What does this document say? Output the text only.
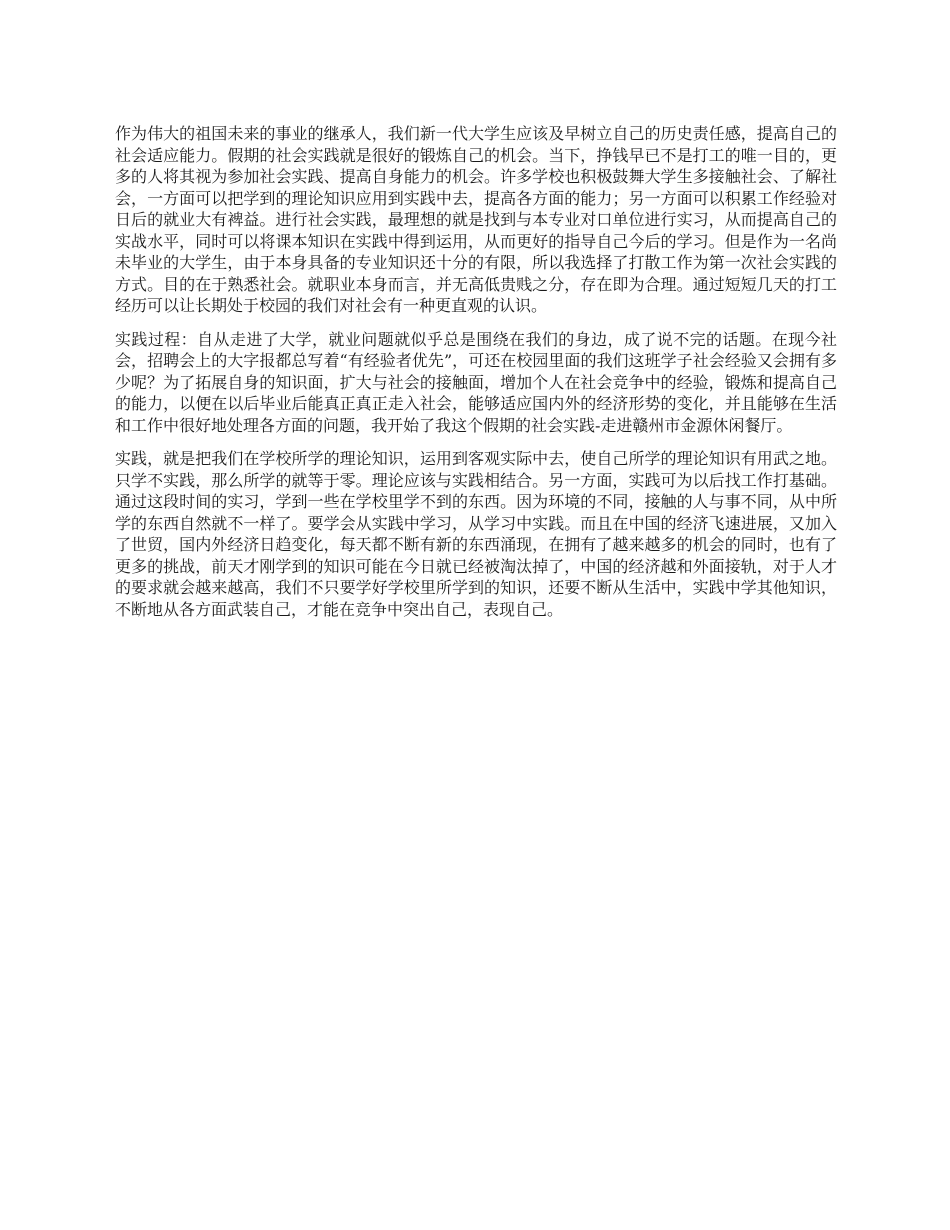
作为伟大的祖国未来的事业的继承人，我们新一代大学生应该及早树立自己的历史责任感，提高自己的社会适应能力。假期的社会实践就是很好的锻炼自己的机会。当下，挣钱早已不是打工的唯一目的，更多的人将其视为参加社会实践、提高自身能力的机会。许多学校也积极鼓舞大学生多接触社会、了解社会，一方面可以把学到的理论知识应用到实践中去，提高各方面的能力；另一方面可以积累工作经验对日后的就业大有裨益。进行社会实践，最理想的就是找到与本专业对口单位进行实习，从而提高自己的实战水平，同时可以将课本知识在实践中得到运用，从而更好的指导自己今后的学习。但是作为一名尚未毕业的大学生，由于本身具备的专业知识还十分的有限，所以我选择了打散工作为第一次社会实践的方式。目的在于熟悉社会。就职业本身而言，并无高低贵贱之分，存在即为合理。通过短短几天的打工经历可以让长期处于校园的我们对社会有一种更直观的认识。

实践过程：自从走进了大学，就业问题就似乎总是围绕在我们的身边，成了说不完的话题。在现今社会，招聘会上的大字报都总写着“有经验者优先”，可还在校园里面的我们这班学子社会经验又会拥有多少呢？为了拓展自身的知识面，扩大与社会的接触面，增加个人在社会竞争中的经验，锻炼和提高自己的能力，以便在以后毕业后能真正真正走入社会，能够适应国内外的经济形势的变化，并且能够在生活和工作中很好地处理各方面的问题，我开始了我这个假期的社会实践-走进赣州市金源休闲餐厅。

实践，就是把我们在学校所学的理论知识，运用到客观实际中去，使自己所学的理论知识有用武之地。只学不实践，那么所学的就等于零。理论应该与实践相结合。另一方面，实践可为以后找工作打基础。通过这段时间的实习，学到一些在学校里学不到的东西。因为环境的不同，接触的人与事不同，从中所学的东西自然就不一样了。要学会从实践中学习，从学习中实践。而且在中国的经济飞速进展，又加入了世贸，国内外经济日趋变化，每天都不断有新的东西涌现，在拥有了越来越多的机会的同时，也有了更多的挑战，前天才刚学到的知识可能在今日就已经被淘汰掉了，中国的经济越和外面接轨，对于人才的要求就会越来越高，我们不只要学好学校里所学到的知识，还要不断从生活中，实践中学其他知识，不断地从各方面武装自己，才能在竞争中突出自己，表现自己。
